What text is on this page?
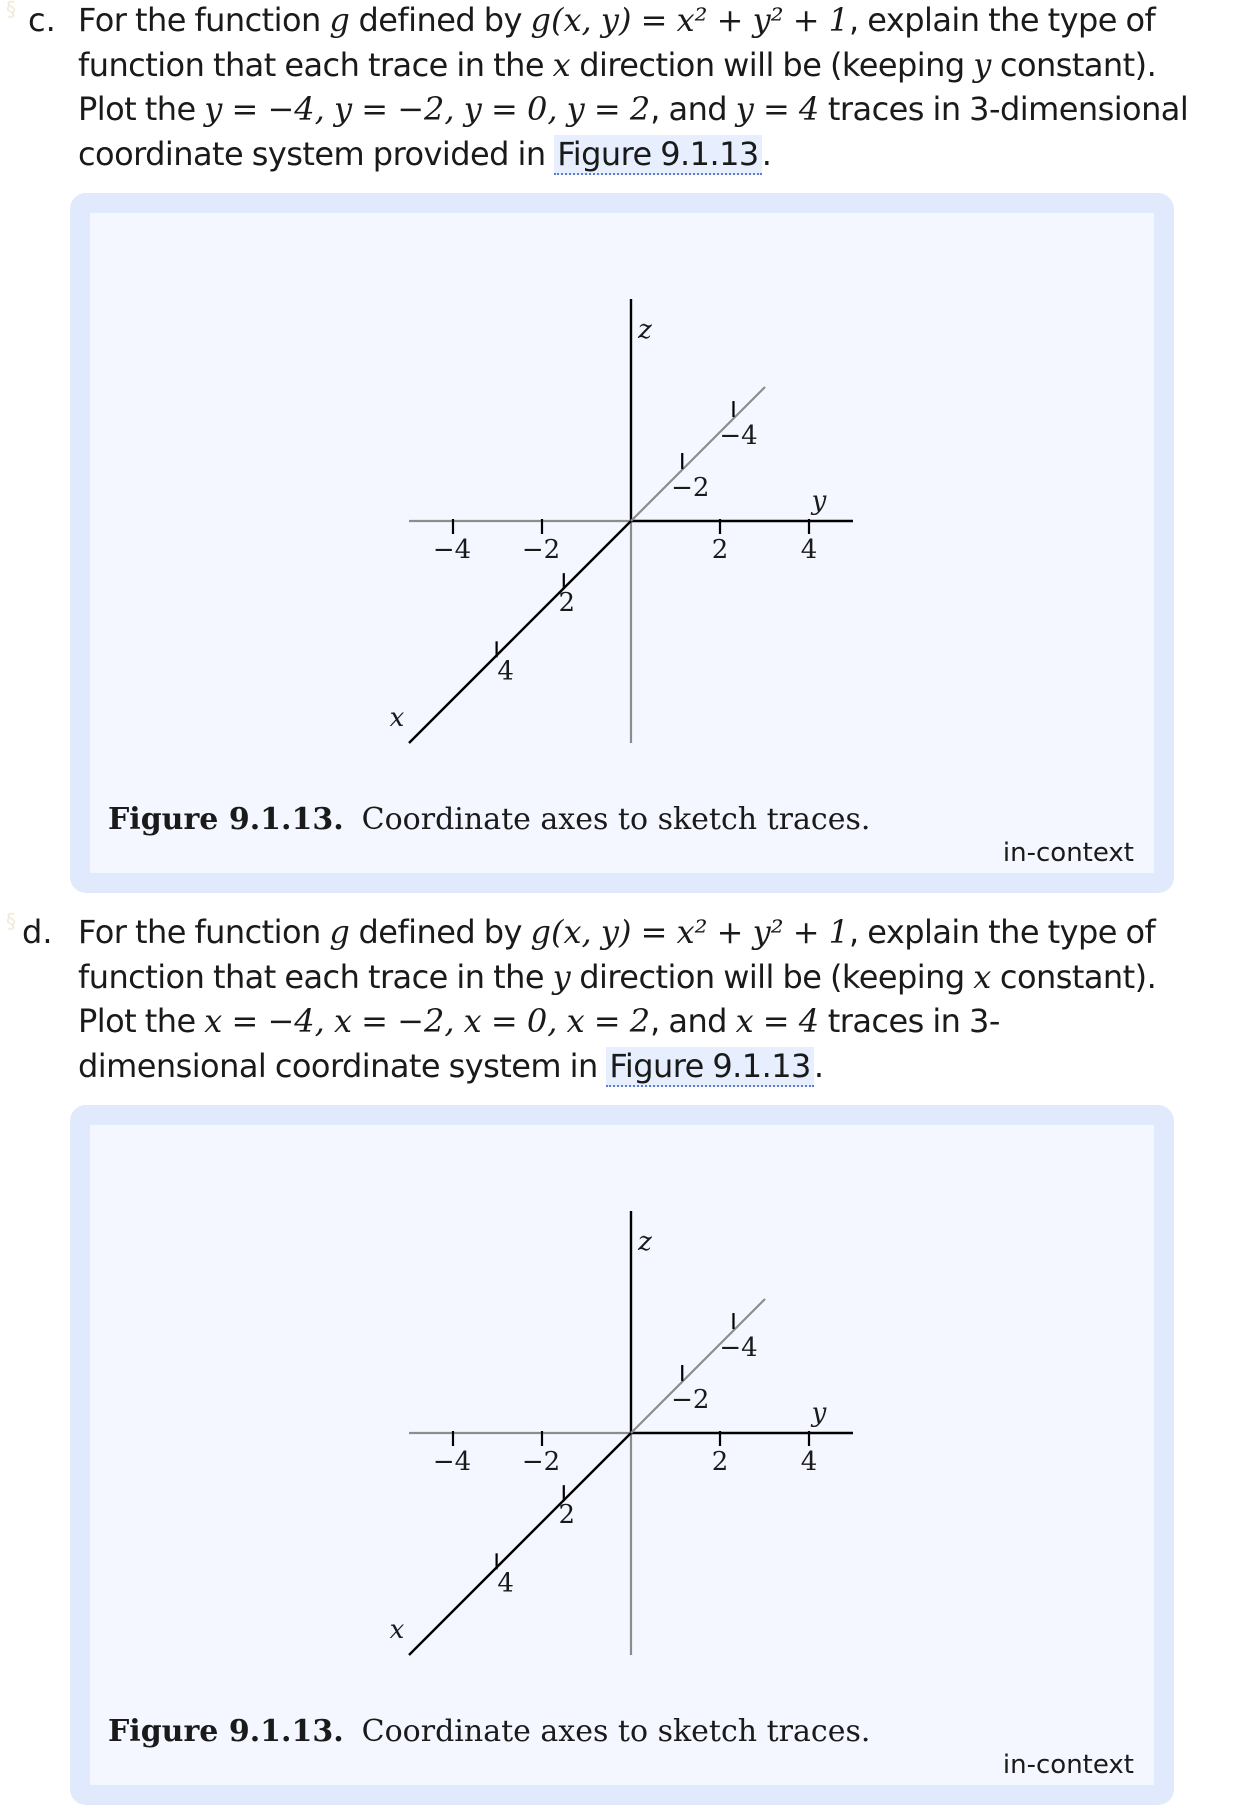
§ c. For the function g defined by g(x, y) = x² + y² + 1, explain the type of
function that each trace in the x direction will be (keeping y constant).
Plot the y = −4, y = −2, y = 0, y = 2, and y = 4 traces in 3-dimensional
coordinate system provided in Figure 9.1.13.
−4 −2	2	4
2
4
−2
−4
z
y
x
Figure 9.1.13. Coordinate axes to sketch traces.
in-context
§ d. For the function g defined by g(x, y) = x² + y² + 1, explain the type of
function that each trace in the y direction will be (keeping x constant).
Plot the x = −4, x = −2, x = 0, x = 2, and x = 4 traces in 3-
dimensional coordinate system in Figure 9.1.13.
−4 −2	2	4
2
4
−2
−4
z
y
x
Figure 9.1.13. Coordinate axes to sketch traces.
in-context
